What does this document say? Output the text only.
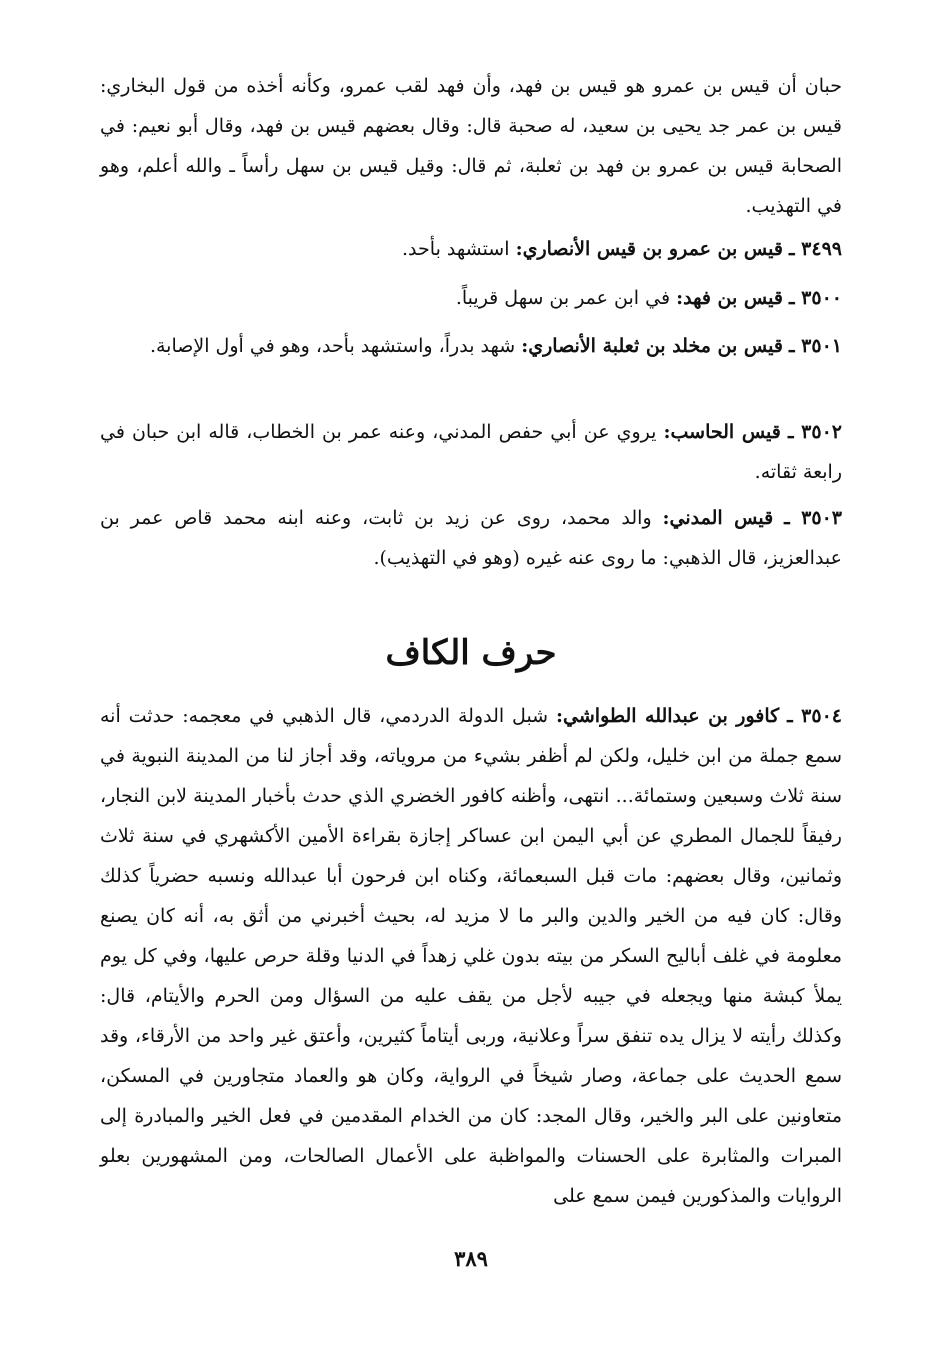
حبان أن قيس بن عمرو هو قيس بن فهد، وأن فهد لقب عمرو، وكأنه أخذه من قول البخاري: قيس بن عمر جد يحيى بن سعيد، له صحبة قال: وقال بعضهم قيس بن فهد، وقال أبو نعيم: في الصحابة قيس بن عمرو بن فهد بن ثعلبة، ثم قال: وقيل قيس بن سهل رأساً ـ والله أعلم، وهو في التهذيب.

٣٤٩٩ ـ قيس بن عمرو بن قيس الأنصاري: استشهد بأحد.

٣٥٠٠ ـ قيس بن فهد: في ابن عمر بن سهل قريباً.

٣٥٠١ ـ قيس بن مخلد بن ثعلبة الأنصاري: شهد بدراً، واستشهد بأحد، وهو في أول الإصابة.

٣٥٠٢ ـ قيس الحاسب: يروي عن أبي حفص المدني، وعنه عمر بن الخطاب، قاله ابن حبان في رابعة ثقاته.

٣٥٠٣ ـ قيس المدني: والد محمد، روى عن زيد بن ثابت، وعنه ابنه محمد قاص عمر بن عبدالعزيز، قال الذهبي: ما روى عنه غيره (وهو في التهذيب).

حرف الكاف

٣٥٠٤ ـ كافور بن عبدالله الطواشي: شبل الدولة الدردمي، قال الذهبي في معجمه: حدثت أنه سمع جملة من ابن خليل، ولكن لم أظفر بشيء من مروياته، وقد أجاز لنا من المدينة النبوية في سنة ثلاث وسبعين وستمائة... انتهى، وأظنه كافور الخضري الذي حدث بأخبار المدينة لابن النجار، رفيقاً للجمال المطري عن أبي اليمن ابن عساكر إجازة بقراءة الأمين الأكشهري في سنة ثلاث وثمانين، وقال بعضهم: مات قبل السبعمائة، وكناه ابن فرحون أبا عبدالله ونسبه حضرياً كذلك وقال: كان فيه من الخير والدين والبر ما لا مزيد له، بحيث أخبرني من أثق به، أنه كان يصنع معلومة في غلف أباليح السكر من بيته بدون غلي زهداً في الدنيا وقلة حرص عليها، وفي كل يوم يملأ كبشة منها ويجعله في جيبه لأجل من يقف عليه من السؤال ومن الحرم والأيتام، قال: وكذلك رأيته لا يزال يده تنفق سراً وعلانية، وربى أيتاماً كثيرين، وأعتق غير واحد من الأرقاء، وقد سمع الحديث على جماعة، وصار شيخاً في الرواية، وكان هو والعماد متجاورين في المسكن، متعاونين على البر والخير، وقال المجد: كان من الخدام المقدمين في فعل الخير والمبادرة إلى المبرات والمثابرة على الحسنات والمواظبة على الأعمال الصالحات، ومن المشهورين بعلو الروايات والمذكورين فيمن سمع على

٣٨٩
